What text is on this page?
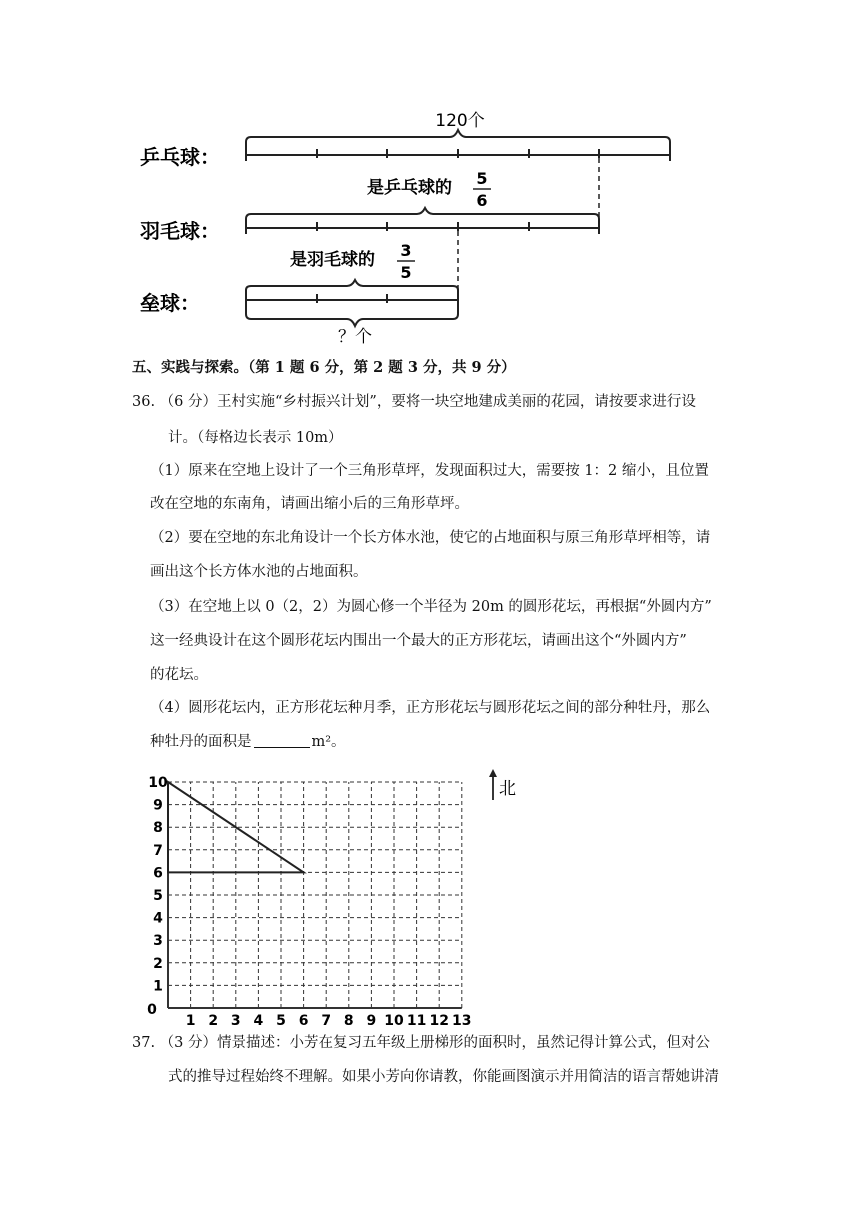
乒乓球：
羽毛球：
垒球：
120个
是乒乓球的 5
6
是羽毛球的 3
5
？个
五、实践与探索。（第 1 题 6 分，第 2 题 3 分，共 9 分）
36. （6 分）王村实施“乡村振兴计划”，要将一块空地建成美丽的花园，请按要求进行设
计。（每格边长表示 10m）
（1）原来在空地上设计了一个三角形草坪，发现面积过大，需要按 1：2 缩小，且位置
改在空地的东南角，请画出缩小后的三角形草坪。
（2）要在空地的东北角设计一个长方体水池，使它的占地面积与原三角形草坪相等，请
画出这个长方体水池的占地面积。
（3）在空地上以 0（2，2）为圆心修一个半径为 20m 的圆形花坛，再根据“外圆内方”
这一经典设计在这个圆形花坛内围出一个最大的正方形花坛，请画出这个“外圆内方”
的花坛。
（4）圆形花坛内，正方形花坛种月季，正方形花坛与圆形花坛之间的部分种牡丹，那么
种牡丹的面积是	m²。
0
1 2 3 4 5 6 7 8 9 10 11 12 13
1
2
3
4
5
6
7
8
9
10	北
37. （3 分）情景描述：小芳在复习五年级上册梯形的面积时，虽然记得计算公式，但对公
式的推导过程始终不理解。如果小芳向你请教，你能画图演示并用简洁的语言帮她讲清
